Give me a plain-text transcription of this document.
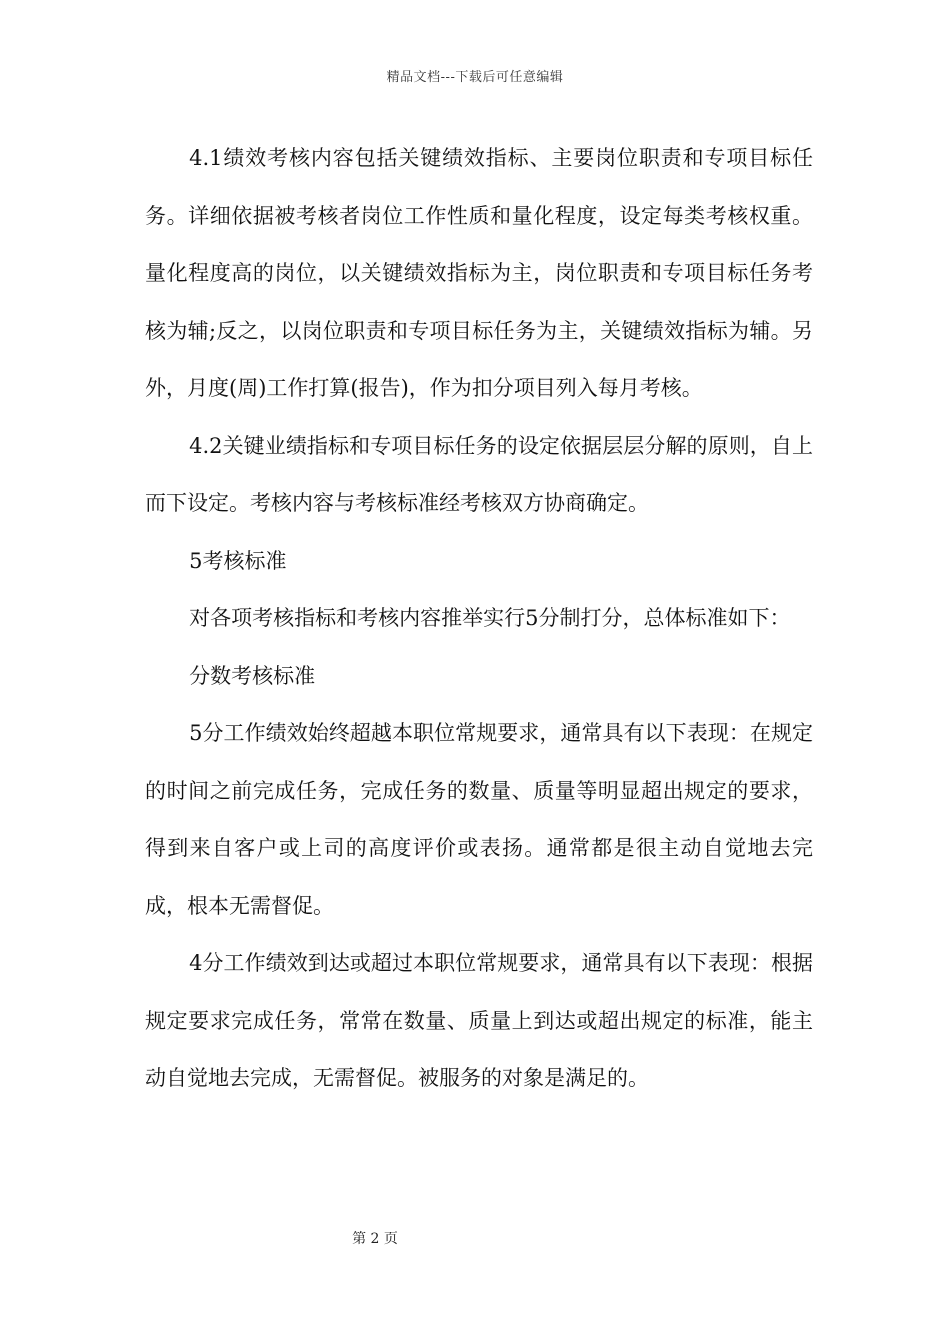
精品文档---下载后可任意编辑

4.1绩效考核内容包括关键绩效指标、主要岗位职责和专项目标任务。详细依据被考核者岗位工作性质和量化程度，设定每类考核权重。量化程度高的岗位，以关键绩效指标为主，岗位职责和专项目标任务考核为辅;反之，以岗位职责和专项目标任务为主，关键绩效指标为辅。另外，月度(周)工作打算(报告)，作为扣分项目列入每月考核。

4.2关键业绩指标和专项目标任务的设定依据层层分解的原则，自上而下设定。考核内容与考核标准经考核双方协商确定。

5考核标准

对各项考核指标和考核内容推举实行5分制打分，总体标准如下：

分数考核标准

5分工作绩效始终超越本职位常规要求，通常具有以下表现：在规定的时间之前完成任务，完成任务的数量、质量等明显超出规定的要求，得到来自客户或上司的高度评价或表扬。通常都是很主动自觉地去完成，根本无需督促。

4分工作绩效到达或超过本职位常规要求，通常具有以下表现：根据规定要求完成任务，常常在数量、质量上到达或超出规定的标准，能主动自觉地去完成，无需督促。被服务的对象是满足的。

第 2 页
